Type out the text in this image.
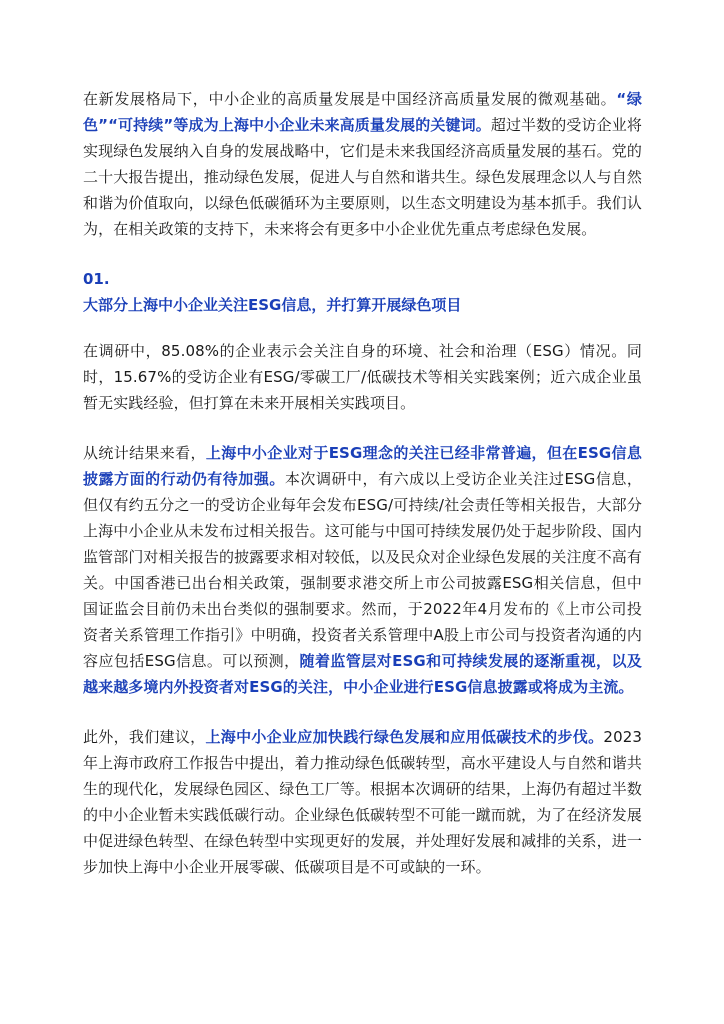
在新发展格局下，中小企业的高质量发展是中国经济高质量发展的微观基础。“绿色”“可持续”等成为上海中小企业未来高质量发展的关键词。超过半数的受访企业将实现绿色发展纳入自身的发展战略中，它们是未来我国经济高质量发展的基石。党的二十大报告提出，推动绿色发展，促进人与自然和谐共生。绿色发展理念以人与自然和谐为价值取向，以绿色低碳循环为主要原则，以生态文明建设为基本抓手。我们认为，在相关政策的支持下，未来将会有更多中小企业优先重点考虑绿色发展。

01.
大部分上海中小企业关注ESG信息，并打算开展绿色项目

在调研中，85.08%的企业表示会关注自身的环境、社会和治理（ESG）情况。同时，15.67%的受访企业有ESG/零碳工厂/低碳技术等相关实践案例；近六成企业虽暂无实践经验，但打算在未来开展相关实践项目。

从统计结果来看，上海中小企业对于ESG理念的关注已经非常普遍，但在ESG信息披露方面的行动仍有待加强。本次调研中，有六成以上受访企业关注过ESG信息，但仅有约五分之一的受访企业每年会发布ESG/可持续/社会责任等相关报告，大部分上海中小企业从未发布过相关报告。这可能与中国可持续发展仍处于起步阶段、国内监管部门对相关报告的披露要求相对较低，以及民众对企业绿色发展的关注度不高有关。中国香港已出台相关政策，强制要求港交所上市公司披露ESG相关信息，但中国证监会目前仍未出台类似的强制要求。然而，于2022年4月发布的《上市公司投资者关系管理工作指引》中明确，投资者关系管理中A股上市公司与投资者沟通的内容应包括ESG信息。可以预测，随着监管层对ESG和可持续发展的逐渐重视，以及越来越多境内外投资者对ESG的关注，中小企业进行ESG信息披露或将成为主流。

此外，我们建议，上海中小企业应加快践行绿色发展和应用低碳技术的步伐。2023年上海市政府工作报告中提出，着力推动绿色低碳转型，高水平建设人与自然和谐共生的现代化，发展绿色园区、绿色工厂等。根据本次调研的结果，上海仍有超过半数的中小企业暂未实践低碳行动。企业绿色低碳转型不可能一蹴而就，为了在经济发展中促进绿色转型、在绿色转型中实现更好的发展，并处理好发展和减排的关系，进一步加快上海中小企业开展零碳、低碳项目是不可或缺的一环。
